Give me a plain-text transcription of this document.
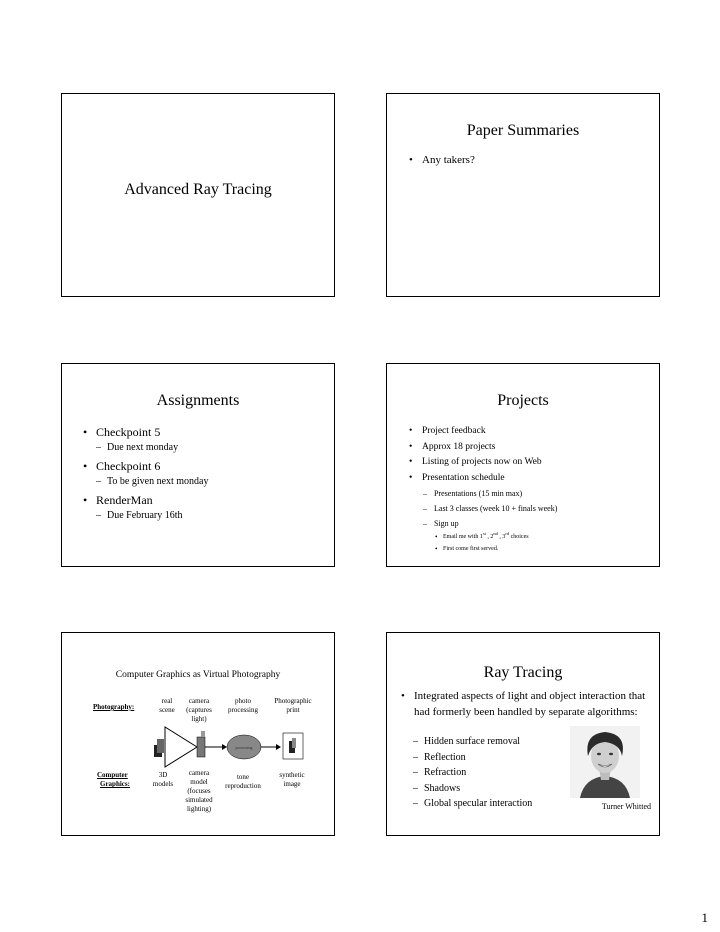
Advanced Ray Tracing
Paper Summaries
• Any takers?
Assignments
• Checkpoint 5
– Due next monday
• Checkpoint 6
– To be given next monday
• RenderMan
– Due February 16th
Projects
• Project feedback
• Approx 18 projects
• Listing of projects now on Web
• Presentation schedule
– Presentations (15 min max)
– Last 3 classes (week 10 + finals week)
– Sign up
• Email me with 1st , 2nd , 3rd choices
• First come first served.
Computer Graphics as Virtual Photography
Photography:
real scene
camera (captures light)
photo processing
Photographic print
processing
Computer
Graphics:
3D models
camera model (focuses simulated lighting)
tone reproduction
synthetic image
Ray Tracing
• Integrated aspects of light and object interaction that had formerly been handled by separate algorithms:
– Hidden surface removal
– Reflection
– Refraction
– Shadows
– Global specular interaction	Turner Whitted
1
